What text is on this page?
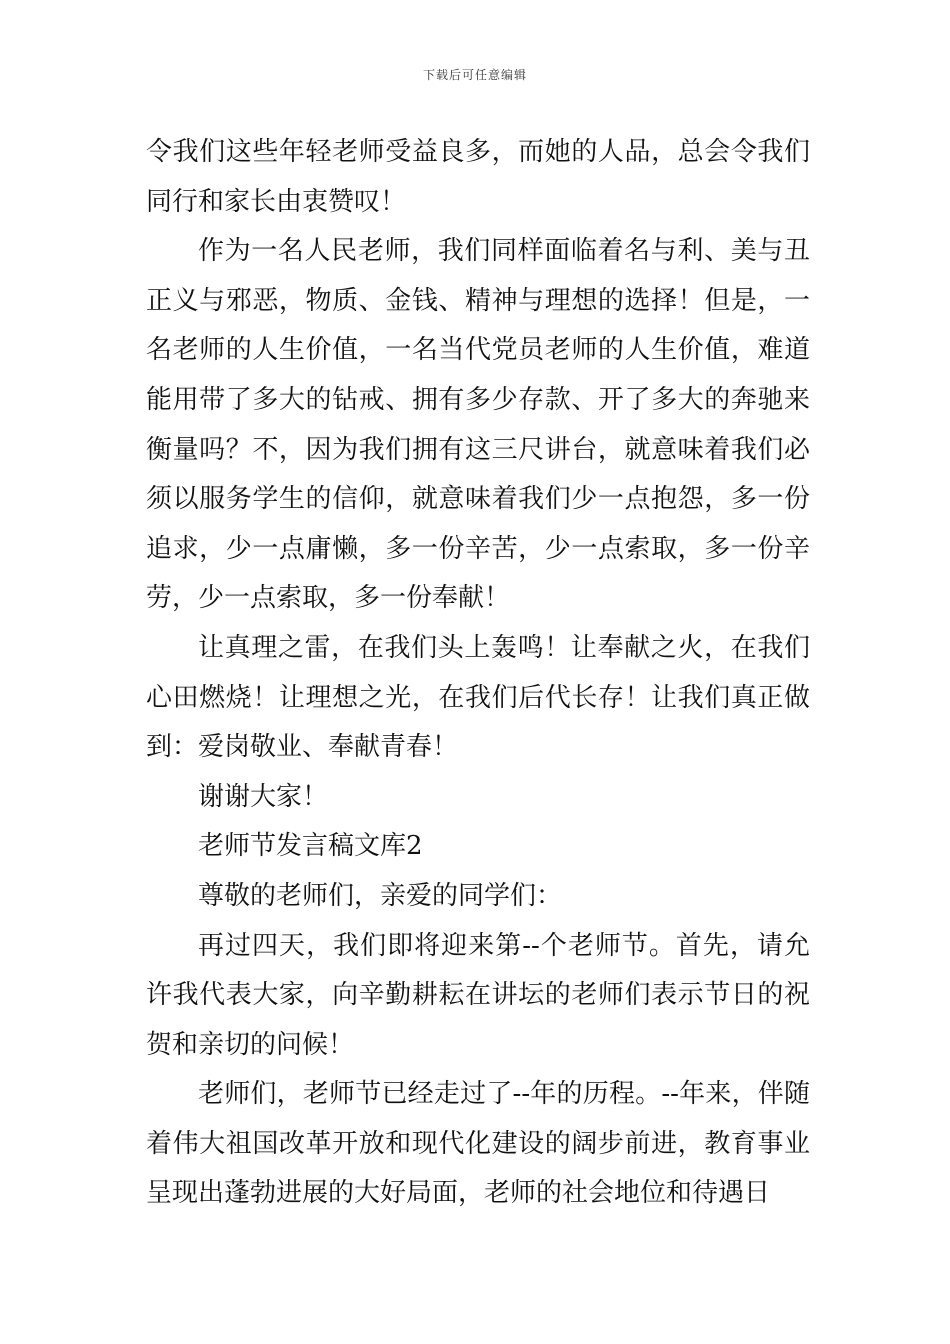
下载后可任意编辑

令我们这些年轻老师受益良多，而她的人品，总会令我们同行和家长由衷赞叹！

作为一名人民老师，我们同样面临着名与利、美与丑正义与邪恶，物质、金钱、精神与理想的选择！但是，一名老师的人生价值，一名当代党员老师的人生价值，难道能用带了多大的钻戒、拥有多少存款、开了多大的奔驰来衡量吗？不，因为我们拥有这三尺讲台，就意味着我们必须以服务学生的信仰，就意味着我们少一点抱怨，多一份追求，少一点庸懒，多一份辛苦，少一点索取，多一份辛劳，少一点索取，多一份奉献！

让真理之雷，在我们头上轰鸣！让奉献之火，在我们心田燃烧！让理想之光，在我们后代长存！让我们真正做到：爱岗敬业、奉献青春！

谢谢大家！

老师节发言稿文库2

尊敬的老师们，亲爱的同学们：

再过四天，我们即将迎来第--个老师节。首先，请允许我代表大家，向辛勤耕耘在讲坛的老师们表示节日的祝贺和亲切的问候！

老师们，老师节已经走过了--年的历程。--年来，伴随着伟大祖国改革开放和现代化建设的阔步前进，教育事业呈现出蓬勃进展的大好局面，老师的社会地位和待遇日
